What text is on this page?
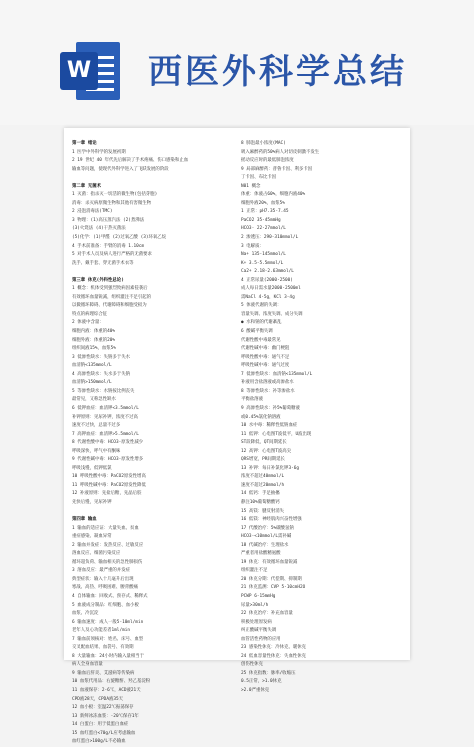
W 西医外科学总结
第一章 绪论
1 医学中外科学的发展初期
2 19 世纪 40 年代先后解决了手术疼痛、伤口感染和止血
输血等问题，使现代外科学进入了飞跃发展的阶段
第二章 无菌术
1 灭菌：指杀灭一切活的微生物(包括芽胞)
消毒：杀灭病原微生物和其他有害微生物
2 浸泡消毒法(TMC)
3 物理：(1)高压蒸汽法 (2)煮沸法
(3)火烧法 (4)干热灭菌法
(5)化学：(1)甲醛 (2)过氧乙酸 (3)环氧乙烷
4 手术前准备：手臂的消毒 1.10cm
5 对手术人员及病人进行严格的无菌要求
洗手、戴手套、穿无菌手术衣等
第三章 休克(外科性总论)
1 概念：机体受到强烈致病因素侵袭后
有效循环血量锐减，组织灌注不足引起的
以微循环障碍、代谢障碍和细胞受损为
特点的病理综合征
2 体液中含量：
细胞内液：体重的40%
细胞外液：体重的20%
组织间液15%，血浆5%
3 低渗性缺水：失钠多于失水
血清钠<135mmol/L
4 高渗性缺水：失水多于失钠
血清钠>150mmol/L
5 等渗性缺水：水钠按比例丧失
最常见，又称急性缺水
6 低钾血症：血清钾<3.5mmol/L
补钾原则：见尿补钾，浓度不过高
速度不过快，总量不过多
7 高钾血症：血清钾>5.5mmol/L
8 代谢性酸中毒：HCO3-原发性减少
呼吸深快，呼气中有酮味
9 代谢性碱中毒：HCO3-原发性增多
呼吸浅慢，低钾低氯
10 呼吸性酸中毒：PaCO2原发性增高
11 呼吸性碱中毒：PaCO2原发性降低
12 补液原则：先盐后糖，先晶后胶
先快后慢，见尿补钾
第四章 输血
1 输血的适应证：大量失血、贫血
重症感染、凝血异常
2 输血并发症：发热反应、过敏反应
溶血反应、细菌污染反应
循环超负荷、输血相关的急性肺损伤
3 溶血反应：最严重的并发症
典型症状：输入十几毫升后出现
寒战、高热、呼吸困难、腰背酸痛
4 自体输血：回收式、预存式、稀释式
5 血液成分制品：红细胞、血小板
血浆、冷沉淀
6 输血速度：成人一般5-10ml/min
老年人及心功能差者1ml/min
7 输血前须核对：姓名、床号、血型
交叉配血结果、血袋号、有效期
8 大量输血：24小时内输入量相当于
病人全身血容量
9 输血后肝炎、艾滋病等传染病
10 血浆代用品：右旋糖酐、羟乙基淀粉
11 血液保存：2-6℃，ACD液21天
CPD液28天，CPDA液35天
12 血小板：室温22℃振荡保存
13 新鲜冰冻血浆：-20℃保存1年
14 白蛋白：用于低蛋白血症
15 血红蛋白<70g/L应考虑输血
血红蛋白>100g/L不必输血
8 肺泡最小浓度(MAC)
吸入麻醉药的50%病人对切皮刺激不发生
摇动反应时的最低肺泡浓度
9 局部麻醉药：普鲁卡因、利多卡因
丁卡因、布比卡因
N01 概念
体重：体液占60%，细胞内液40%
细胞外液20%，血浆5%
1 正常：pH7.35-7.45
PaCO2 35-45mmHg
HCO3- 22-27mmol/L
2 渗透压：290-310mmol/L
3 电解质：
Na+ 135-145mmol/L
K+ 3.5-5.5mmol/L
Ca2+ 2.18-2.63mmol/L
4 正常尿量(2000-2500)
成人每日需水量2000-2500ml
需NaCl 4-5g，KCl 3-4g
5 体液代谢的失调：
容量失调、浓度失调、成分失调
● 水和钠的代谢紊乱
6 酸碱平衡失调
代谢性酸中毒最常见
代谢性碱中毒：幽门梗阻
呼吸性酸中毒：通气不足
呼吸性碱中毒：通气过度
7 低渗性缺水：血清钠<135mmol/L
补液用含盐溶液或高渗盐水
8 等渗性缺水：补等渗盐水
平衡盐溶液
9 高渗性缺水：补5%葡萄糖液
或0.45%氯化钠溶液
10 水中毒：稀释性低钠血症
11 低钾：心电图T波低平，U波出现
ST段降低，QT间期延长
12 高钾：心电图T波高尖
QRS增宽，PR间期延长
13 补钾：每日补氯化钾3-6g
浓度不超过40mmol/L
速度不超过20mmol/h
14 低钙：手足抽搐
静注10%葡萄糖酸钙
15 高镁：腱反射消失
16 低镁：神经肌肉兴奋性增强
17 代酸治疗：5%碳酸氢钠
HCO3-<10mmol/L需补碱
18 代碱治疗：生理盐水
严重者用盐酸精氨酸
19 休克：有效循环血量锐减
组织灌注不足
20 休克分期：代偿期、抑制期
21 休克监测：CVP 5-10cmH2O
PCWP 6-15mmHg
尿量>30ml/h
22 休克治疗：补充血容量
积极处理原发病
纠正酸碱平衡失调
血管活性药物的应用
23 感染性休克：冷休克、暖休克
24 低血容量性休克：失血性休克
创伤性休克
25 休克指数：脉率/收缩压
0.5正常，>1.0休克
>2.0严重休克
